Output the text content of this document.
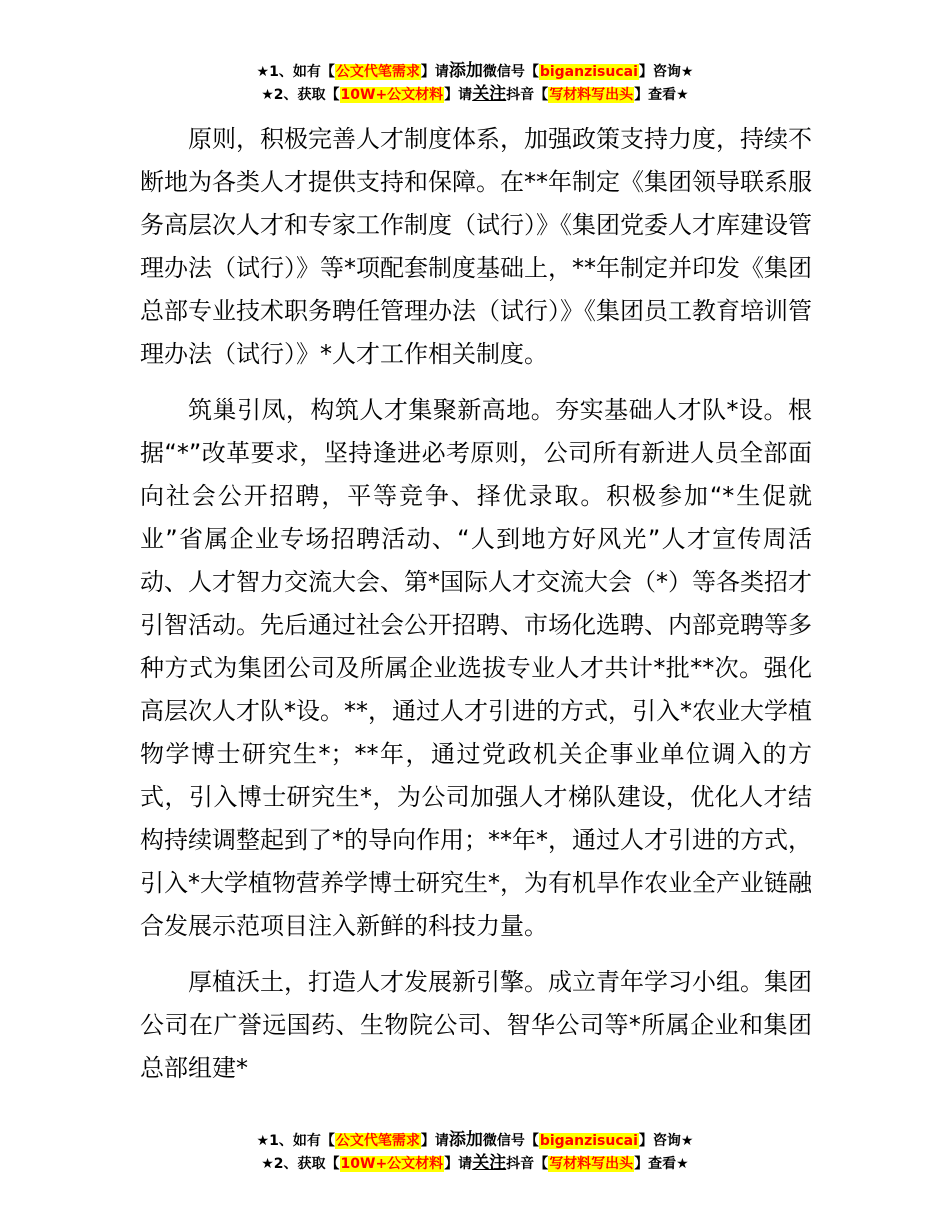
★1、如有【公文代笔需求】请添加微信号【biganzisucai】咨询★
★2、获取【10W+公文材料】请关注抖音【写材料写出头】查看★

原则，积极完善人才制度体系，加强政策支持力度，持续不断地为各类人才提供支持和保障。在**年制定《集团领导联系服务高层次人才和专家工作制度（试行）》《集团党委人才库建设管理办法（试行）》等*项配套制度基础上，**年制定并印发《集团总部专业技术职务聘任管理办法（试行）》《集团员工教育培训管理办法（试行）》*人才工作相关制度。

筑巢引凤，构筑人才集聚新高地。夯实基础人才队*设。根据“*”改革要求，坚持逢进必考原则，公司所有新进人员全部面向社会公开招聘，平等竞争、择优录取。积极参加“*生促就业”省属企业专场招聘活动、“人到地方好风光”人才宣传周活动、人才智力交流大会、第*国际人才交流大会（*）等各类招才引智活动。先后通过社会公开招聘、市场化选聘、内部竞聘等多种方式为集团公司及所属企业选拔专业人才共计*批**次。强化高层次人才队*设。**，通过人才引进的方式，引入*农业大学植物学博士研究生*；**年，通过党政机关企事业单位调入的方式，引入博士研究生*，为公司加强人才梯队建设，优化人才结构持续调整起到了*的导向作用；**年*，通过人才引进的方式，引入*大学植物营养学博士研究生*，为有机旱作农业全产业链融合发展示范项目注入新鲜的科技力量。

厚植沃土，打造人才发展新引擎。成立青年学习小组。集团公司在广誉远国药、生物院公司、智华公司等*所属企业和集团总部组建*

★1、如有【公文代笔需求】请添加微信号【biganzisucai】咨询★
★2、获取【10W+公文材料】请关注抖音【写材料写出头】查看★
